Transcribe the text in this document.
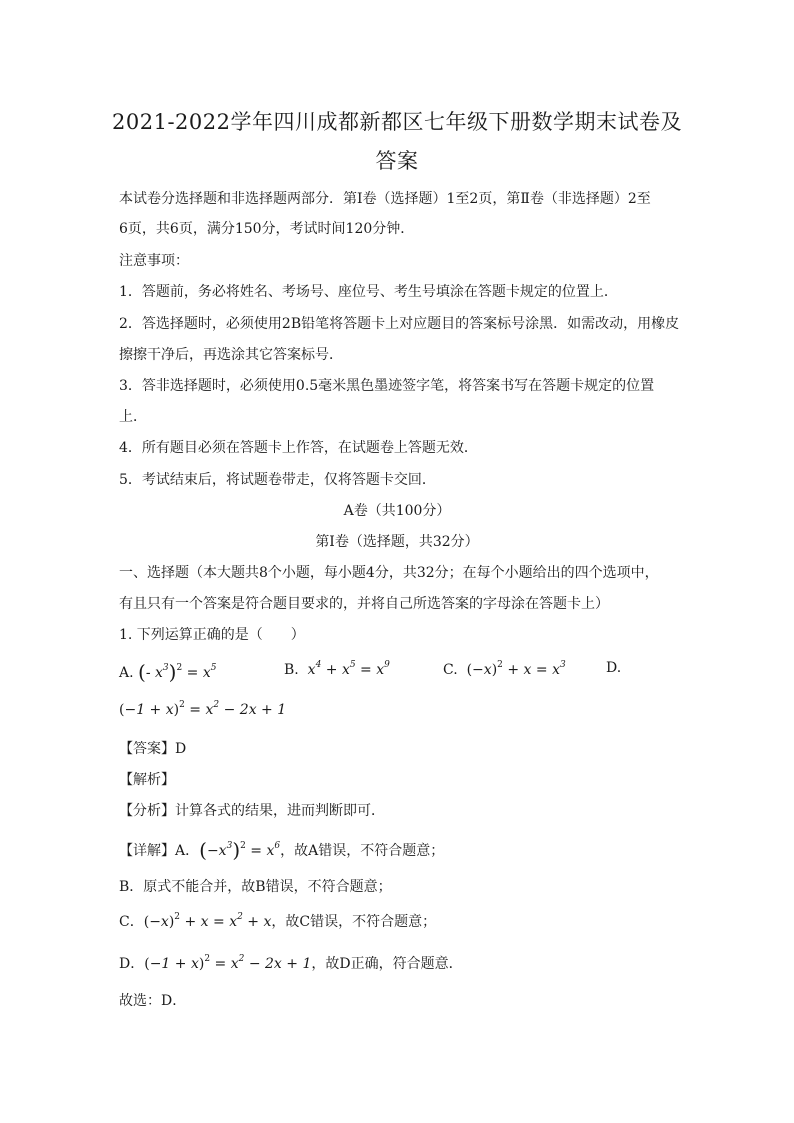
2021-2022学年四川成都新都区七年级下册数学期末试卷及
答案
本试卷分选择题和非选择题两部分．第Ⅰ卷（选择题）1至2页，第Ⅱ卷（非选择题）2至
6页，共6页，满分150分，考试时间120分钟．
注意事项：
1．答题前，务必将姓名、考场号、座位号、考生号填涂在答题卡规定的位置上．
2．答选择题时，必须使用2B铅笔将答题卡上对应题目的答案标号涂黑．如需改动，用橡皮
擦擦干净后，再选涂其它答案标号．
3．答非选择题时，必须使用0.5毫米黑色墨迹签字笔，将答案书写在答题卡规定的位置
上．
4．所有题目必须在答题卡上作答，在试题卷上答题无效．
5．考试结束后，将试题卷带走，仅将答题卡交回．
A卷（共100分）
第Ⅰ卷（选择题，共32分）
一、选择题（本大题共8个小题，每小题4分，共32分；在每个小题给出的四个选项中，
有且只有一个答案是符合题目要求的，并将自己所选答案的字母涂在答题卡上）
1. 下列运算正确的是（　　）
A. (- $x^3)^2 = x^5$	B. $x^4 + x^5 = x^9$	C. $(-x)^2 + x = x^3$	D.
$(-1 + x)^2 = x^2 - 2x + 1$
【答案】D
【解析】
【分析】计算各式的结果，进而判断即可．
【详解】A．$(-x^3)^2 = x^6$，故A错误，不符合题意；
B．原式不能合并，故B错误，不符合题意；
C．$(-x)^2 + x = x^2 + x$，故C错误，不符合题意；
D．$(-1 + x)^2 = x^2 - 2x + 1$，故D正确，符合题意．
故选：D．
